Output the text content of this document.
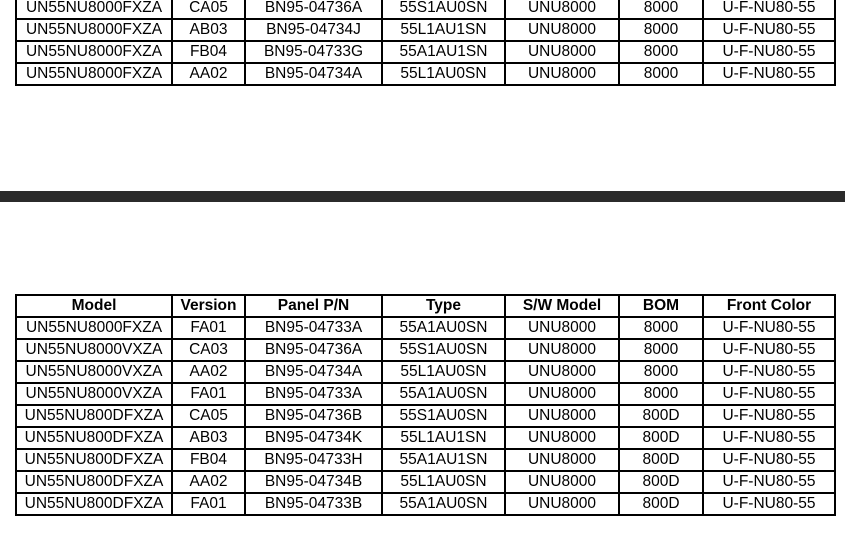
UN55NU8000FXZA	CA05	BN95-04736A	55S1AU0SN	UNU8000	8000	U-F-NU80-55
UN55NU8000FXZA	AB03	BN95-04734J	55L1AU1SN	UNU8000	8000	U-F-NU80-55
UN55NU8000FXZA	FB04	BN95-04733G	55A1AU1SN	UNU8000	8000	U-F-NU80-55
UN55NU8000FXZA	AA02	BN95-04734A	55L1AU0SN	UNU8000	8000	U-F-NU80-55
Model	Version	Panel P/N	Type	S/W Model	BOM	Front Color
UN55NU8000FXZA	FA01	BN95-04733A	55A1AU0SN	UNU8000	8000	U-F-NU80-55
UN55NU8000VXZA	CA03	BN95-04736A	55S1AU0SN	UNU8000	8000	U-F-NU80-55
UN55NU8000VXZA	AA02	BN95-04734A	55L1AU0SN	UNU8000	8000	U-F-NU80-55
UN55NU8000VXZA	FA01	BN95-04733A	55A1AU0SN	UNU8000	8000	U-F-NU80-55
UN55NU800DFXZA	CA05	BN95-04736B	55S1AU0SN	UNU8000	800D	U-F-NU80-55
UN55NU800DFXZA	AB03	BN95-04734K	55L1AU1SN	UNU8000	800D	U-F-NU80-55
UN55NU800DFXZA	FB04	BN95-04733H	55A1AU1SN	UNU8000	800D	U-F-NU80-55
UN55NU800DFXZA	AA02	BN95-04734B	55L1AU0SN	UNU8000	800D	U-F-NU80-55
UN55NU800DFXZA	FA01	BN95-04733B	55A1AU0SN	UNU8000	800D	U-F-NU80-55
